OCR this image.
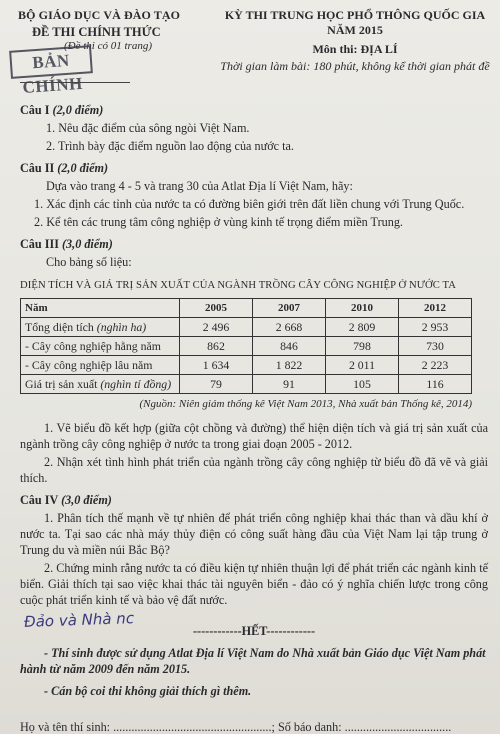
BỘ GIÁO DỤC VÀ ĐÀO TẠO
ĐỀ THI CHÍNH THỨC
(Đề thi có 01 trang)
BẢN CHÍNH
KỲ THI TRUNG HỌC PHỔ THÔNG QUỐC GIA NĂM 2015
Môn thi: ĐỊA LÍ
Thời gian làm bài: 180 phút, không kể thời gian phát đề
Câu I (2,0 điểm)
1. Nêu đặc điểm của sông ngòi Việt Nam.
2. Trình bày đặc điểm nguồn lao động của nước ta.
Câu II (2,0 điểm)
Dựa vào trang 4 - 5 và trang 30 của Atlat Địa lí Việt Nam, hãy:
1. Xác định các tỉnh của nước ta có đường biên giới trên đất liền chung với Trung Quốc.
2. Kể tên các trung tâm công nghiệp ở vùng kinh tế trọng điểm miền Trung.
Câu III (3,0 điểm)
Cho bảng số liệu:
DIỆN TÍCH VÀ GIÁ TRỊ SẢN XUẤT CỦA NGÀNH TRỒNG CÂY CÔNG NGHIỆP Ở NƯỚC TA
Năm	2005	2007	2010	2012
Tổng diện tích (nghìn ha)	2 496	2 668	2 809	2 953
- Cây công nghiệp hằng năm	862	846	798	730
- Cây công nghiệp lâu năm	1 634	1 822	2 011	2 223
Giá trị sản xuất (nghìn tỉ đồng)	79	91	105	116
(Nguồn: Niên giám thống kê Việt Nam 2013, Nhà xuất bản Thống kê, 2014)
1. Vẽ biểu đồ kết hợp (giữa cột chồng và đường) thể hiện diện tích và giá trị sản xuất của ngành trồng cây công nghiệp ở nước ta trong giai đoạn 2005 - 2012.
2. Nhận xét tình hình phát triển của ngành trồng cây công nghiệp từ biểu đồ đã vẽ và giải thích.
Câu IV (3,0 điểm)
1. Phân tích thế mạnh về tự nhiên để phát triển công nghiệp khai thác than và dầu khí ở nước ta. Tại sao các nhà máy thủy điện có công suất hàng đầu của Việt Nam lại tập trung ở Trung du và miền núi Bắc Bộ?
2. Chứng minh rằng nước ta có điều kiện tự nhiên thuận lợi để phát triển các ngành kinh tế biển. Giải thích tại sao việc khai thác tài nguyên biển - đảo có ý nghĩa chiến lược trong công cuộc phát triển kinh tế và bảo vệ đất nước.
Đảo và Nhà nc
------------HẾT------------
- Thí sinh được sử dụng Atlat Địa lí Việt Nam do Nhà xuất bản Giáo dục Việt Nam phát hành từ năm 2009 đến năm 2015.
- Cán bộ coi thi không giải thích gì thêm.
Họ và tên thí sinh: ....................................................; Số báo danh: ...................................
